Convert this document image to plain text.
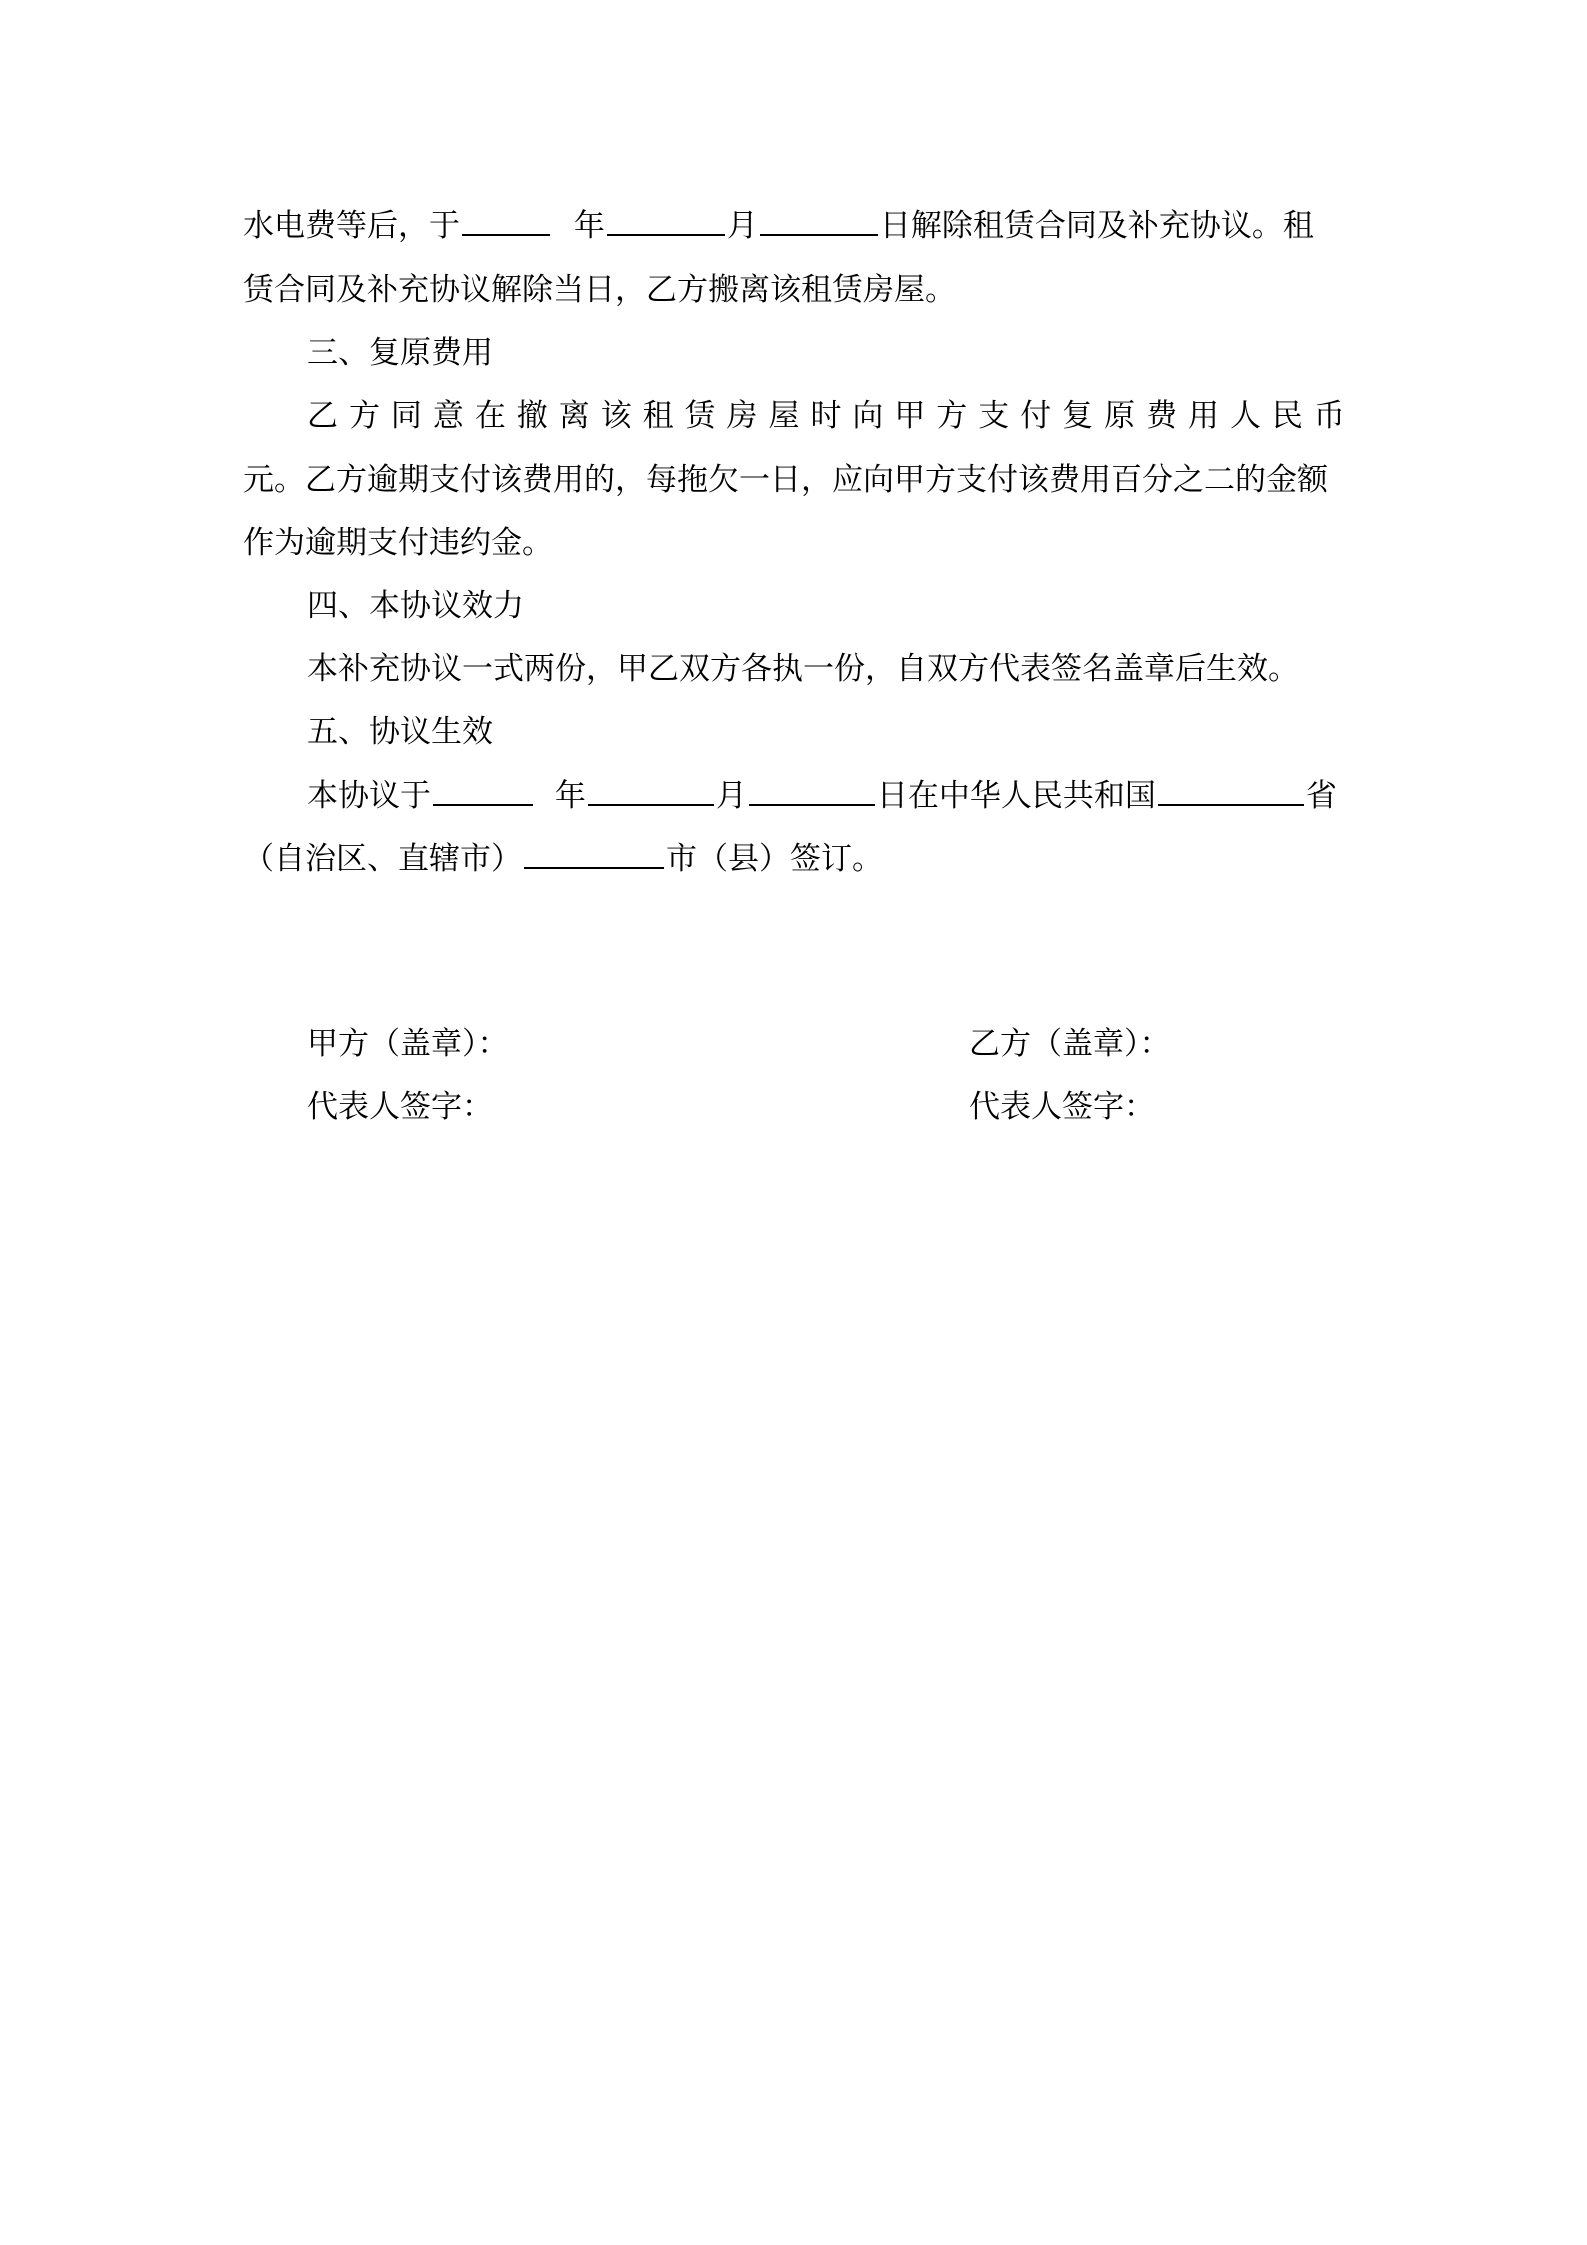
水电费等后，于	年	月	日解除租赁合同及补充协议。租
赁合同及补充协议解除当日，乙方搬离该租赁房屋。
三、复原费用
乙 方 同 意 在 撤 离 该 租 赁 房 屋 时 向 甲 方 支 付 复 原 费 用 人 民 币
元。乙方逾期支付该费用的，每拖欠一日，应向甲方支付该费用百分之二的金额
作为逾期支付违约金。
四、本协议效力
本补充协议一式两份，甲乙双方各执一份，自双方代表签名盖章后生效。
五、协议生效
本协议于	年	月	日在中华人民共和国	省
（自治区、直辖市）	市（县）签订。
甲方（盖章）：	乙方（盖章）：
代表人签字：	代表人签字：
